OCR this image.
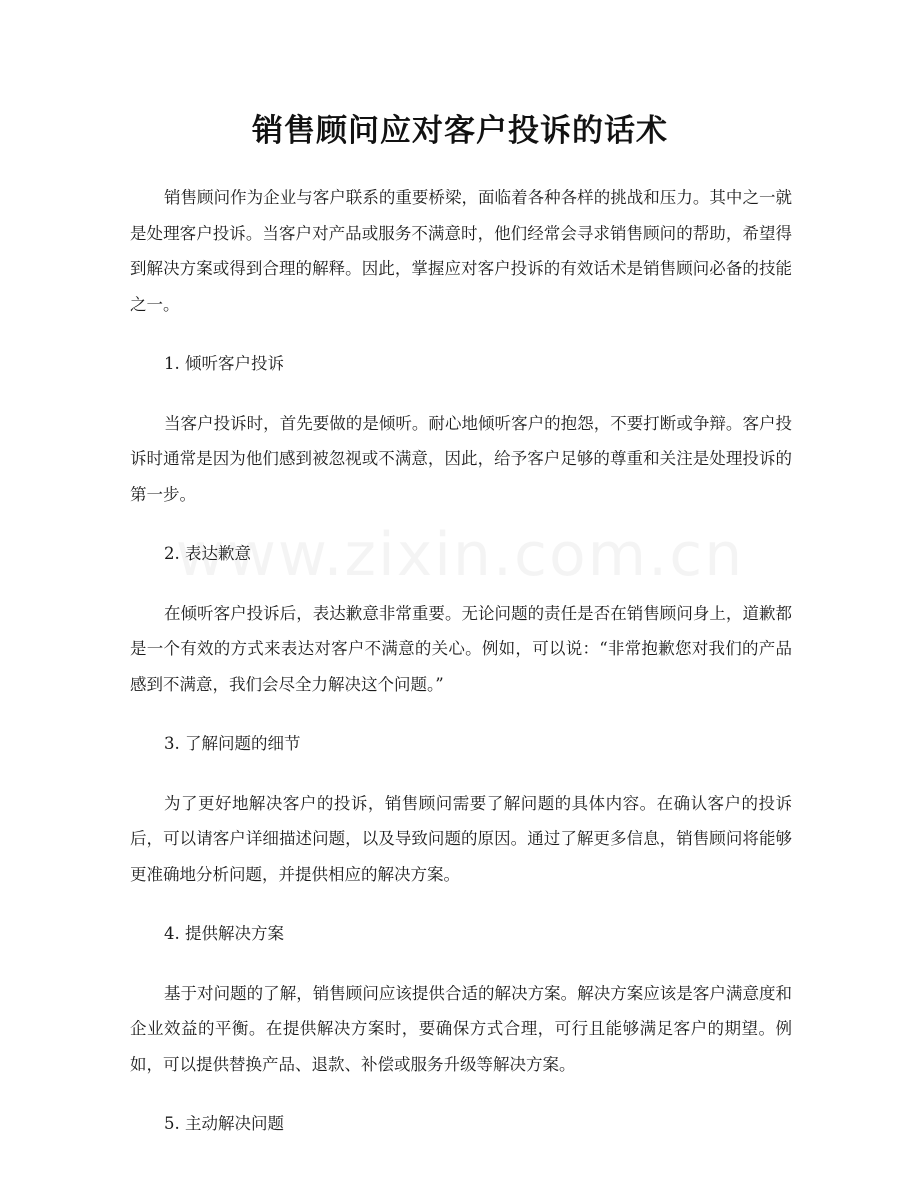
销售顾问应对客户投诉的话术

销售顾问作为企业与客户联系的重要桥梁，面临着各种各样的挑战和压力。其中之一就是处理客户投诉。当客户对产品或服务不满意时，他们经常会寻求销售顾问的帮助，希望得到解决方案或得到合理的解释。因此，掌握应对客户投诉的有效话术是销售顾问必备的技能之一。

1. 倾听客户投诉

当客户投诉时，首先要做的是倾听。耐心地倾听客户的抱怨，不要打断或争辩。客户投诉时通常是因为他们感到被忽视或不满意，因此，给予客户足够的尊重和关注是处理投诉的第一步。

2. 表达歉意

在倾听客户投诉后，表达歉意非常重要。无论问题的责任是否在销售顾问身上，道歉都是一个有效的方式来表达对客户不满意的关心。例如，可以说：“非常抱歉您对我们的产品感到不满意，我们会尽全力解决这个问题。”

3. 了解问题的细节

为了更好地解决客户的投诉，销售顾问需要了解问题的具体内容。在确认客户的投诉后，可以请客户详细描述问题，以及导致问题的原因。通过了解更多信息，销售顾问将能够更准确地分析问题，并提供相应的解决方案。

4. 提供解决方案

基于对问题的了解，销售顾问应该提供合适的解决方案。解决方案应该是客户满意度和企业效益的平衡。在提供解决方案时，要确保方式合理，可行且能够满足客户的期望。例如，可以提供替换产品、退款、补偿或服务升级等解决方案。

5. 主动解决问题
